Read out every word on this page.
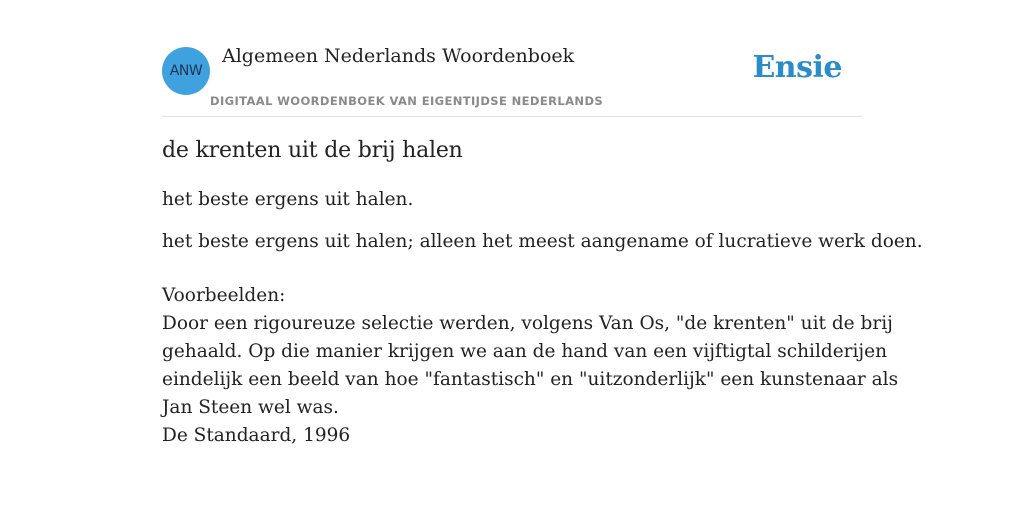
ANW
Algemeen Nederlands Woordenboek
DIGITAAL WOORDENBOEK VAN EIGENTIJDSE NEDERLANDS
Ensie
de krenten uit de brij halen
het beste ergens uit halen.
het beste ergens uit halen; alleen het meest aangename of lucratieve werk doen.
Voorbeelden:
Door een rigoureuze selectie werden, volgens Van Os, "de krenten" uit de brij
gehaald. Op die manier krijgen we aan de hand van een vijftigtal schilderijen
eindelijk een beeld van hoe "fantastisch" en "uitzonderlijk" een kunstenaar als
Jan Steen wel was.
De Standaard, 1996
